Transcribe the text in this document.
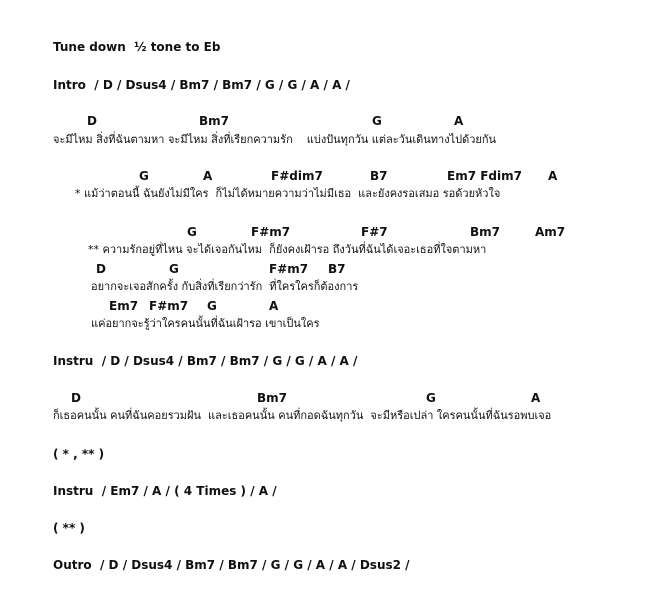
Tune down  ½ tone to Eb
Intro  / D / Dsus4 / Bm7 / Bm7 / G / G / A / A /
D	Bm7	G	A
จะมีไหม สิ่งที่ฉันตามหา จะมีไหม สิ่งที่เรียกความรัก    แบ่งปันทุกวัน แต่ละวันเดินทางไปด้วยกัน
G	A	F#dim7	B7	Em7 Fdim7 A
* แม้ว่าตอนนี้ ฉันยังไม่มีใคร  ก็ไม่ได้หมายความว่าไม่มีเธอ  และยังคงรอเสมอ รอด้วยหัวใจ
G	F#m7	F#7	Bm7	Am7
** ความรักอยู่ที่ไหน จะได้เจอกันไหม  ก็ยังคงเฝ้ารอ ถึงวันที่ฉันได้เจอะเธอที่ใจตามหา
D	G	F#m7 B7
อยากจะเจอสักครั้ง กับสิ่งที่เรียกว่ารัก  ที่ใครใครก็ต้องการ
Em7 F#m7 G	A
แค่อยากจะรู้ว่าใครคนนั้นที่ฉันเฝ้ารอ เขาเป็นใคร
Instru  / D / Dsus4 / Bm7 / Bm7 / G / G / A / A /
D	Bm7	G	A
ก็เธอคนนั้น คนที่ฉันคอยรวมฝัน  และเธอคนนั้น คนที่กอดฉันทุกวัน  จะมีหรือเปล่า ใครคนนั้นที่ฉันรอพบเจอ
( * , ** )
Instru  / Em7 / A / ( 4 Times ) / A /
( ** )
Outro  / D / Dsus4 / Bm7 / Bm7 / G / G / A / A / Dsus2 /
